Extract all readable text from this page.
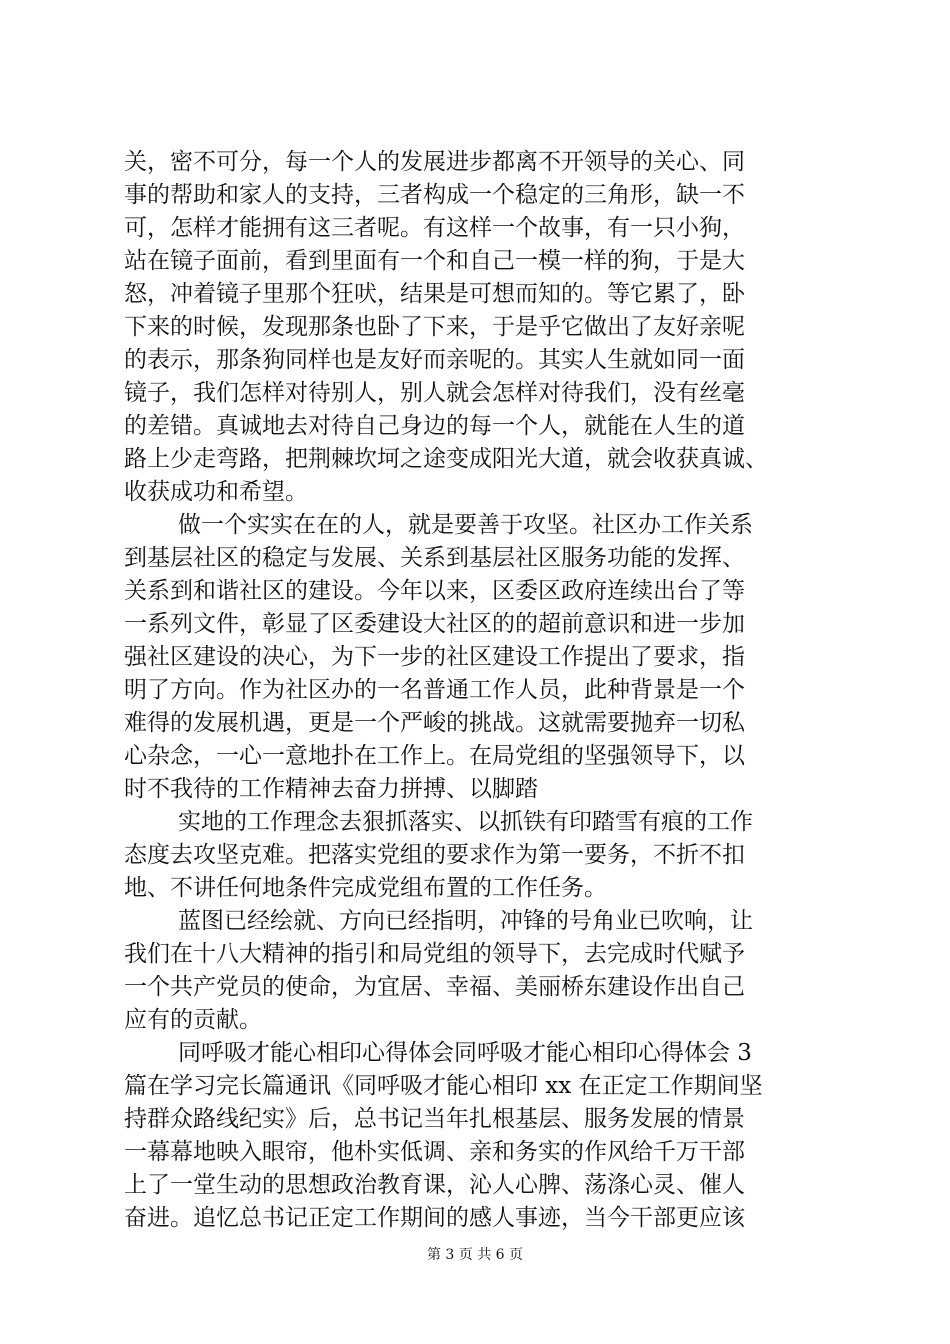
关，密不可分，每一个人的发展进步都离不开领导的关心、同
事的帮助和家人的支持，三者构成一个稳定的三角形，缺一不
可，怎样才能拥有这三者呢。有这样一个故事，有一只小狗，
站在镜子面前，看到里面有一个和自己一模一样的狗，于是大
怒，冲着镜子里那个狂吠，结果是可想而知的。等它累了，卧
下来的时候，发现那条也卧了下来，于是乎它做出了友好亲呢
的表示，那条狗同样也是友好而亲呢的。其实人生就如同一面
镜子，我们怎样对待别人，别人就会怎样对待我们，没有丝毫
的差错。真诚地去对待自己身边的每一个人，就能在人生的道
路上少走弯路，把荆棘坎坷之途变成阳光大道，就会收获真诚、
收获成功和希望。
做一个实实在在的人，就是要善于攻坚。社区办工作关系
到基层社区的稳定与发展、关系到基层社区服务功能的发挥、
关系到和谐社区的建设。今年以来，区委区政府连续出台了等
一系列文件，彰显了区委建设大社区的的超前意识和进一步加
强社区建设的决心，为下一步的社区建设工作提出了要求，指
明了方向。作为社区办的一名普通工作人员，此种背景是一个
难得的发展机遇，更是一个严峻的挑战。这就需要抛弃一切私
心杂念，一心一意地扑在工作上。在局党组的坚强领导下，以
时不我待的工作精神去奋力拼搏、以脚踏
实地的工作理念去狠抓落实、以抓铁有印踏雪有痕的工作
态度去攻坚克难。把落实党组的要求作为第一要务，不折不扣
地、不讲任何地条件完成党组布置的工作任务。
蓝图已经绘就、方向已经指明，冲锋的号角业已吹响，让
我们在十八大精神的指引和局党组的领导下，去完成时代赋予
一个共产党员的使命，为宜居、幸福、美丽桥东建设作出自己
应有的贡献。
同呼吸才能心相印心得体会同呼吸才能心相印心得体会 3
篇在学习完长篇通讯《同呼吸才能心相印 xx 在正定工作期间坚
持群众路线纪实》后，总书记当年扎根基层、服务发展的情景
一幕幕地映入眼帘，他朴实低调、亲和务实的作风给千万干部
上了一堂生动的思想政治教育课，沁人心脾、荡涤心灵、催人
奋进。追忆总书记正定工作期间的感人事迹，当今干部更应该
第 3 页 共 6 页
